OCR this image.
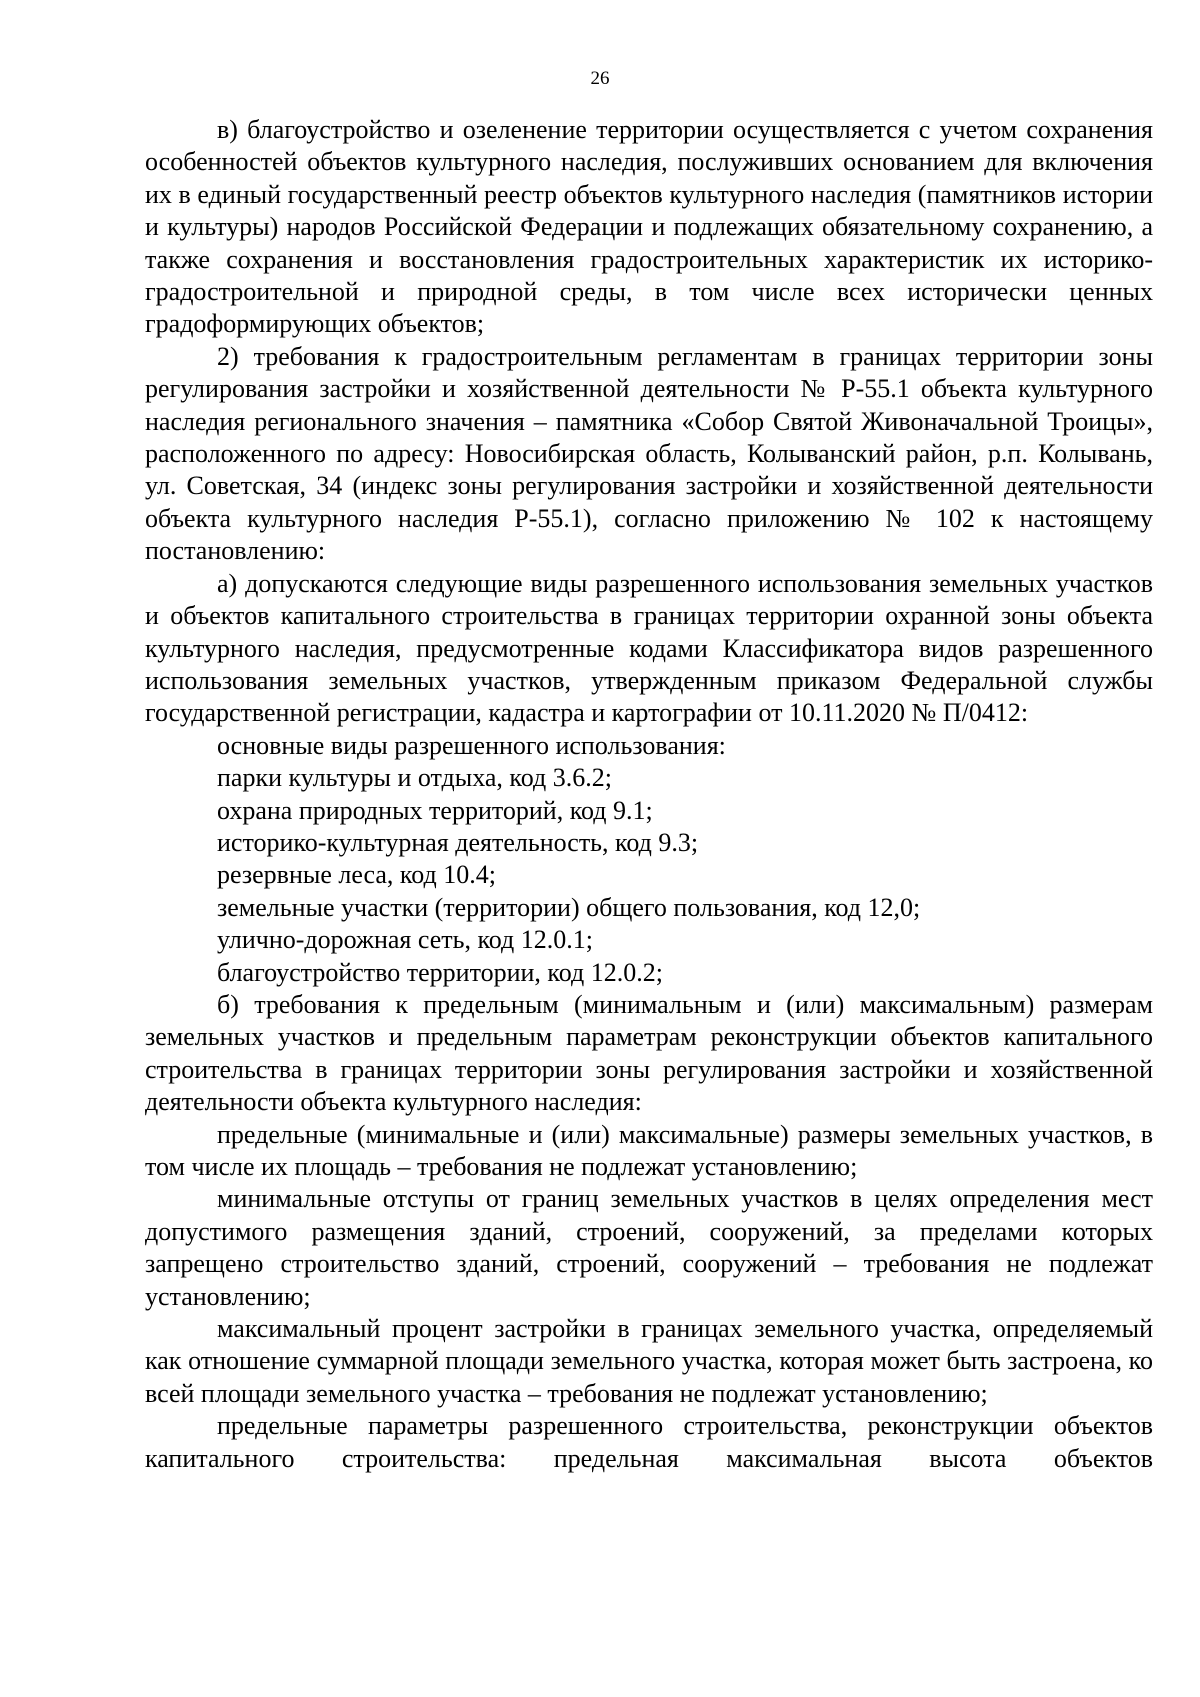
26

в) благоустройство и озеленение территории осуществляется с учетом сохранения особенностей объектов культурного наследия, послуживших основанием для включения их в единый государственный реестр объектов культурного наследия (памятников истории и культуры) народов Российской Федерации и подлежащих обязательному сохранению, а также сохранения и восстановления градостроительных характеристик их историко-градостроительной и природной среды, в том числе всех исторически ценных градоформирующих объектов;

2) требования к градостроительным регламентам в границах территории зоны регулирования застройки и хозяйственной деятельности № Р-55.1 объекта культурного наследия регионального значения – памятника «Собор Святой Живоначальной Троицы», расположенного по адресу: Новосибирская область, Колыванский район, р.п. Колывань, ул. Советская, 34 (индекс зоны регулирования застройки и хозяйственной деятельности объекта культурного наследия Р-55.1), согласно приложению № 102 к настоящему постановлению:

а) допускаются следующие виды разрешенного использования земельных участков и объектов капитального строительства в границах территории охранной зоны объекта культурного наследия, предусмотренные кодами Классификатора видов разрешенного использования земельных участков, утвержденным приказом Федеральной службы государственной регистрации, кадастра и картографии от 10.11.2020 № П/0412:

основные виды разрешенного использования:

парки культуры и отдыха, код 3.6.2;

охрана природных территорий, код 9.1;

историко-культурная деятельность, код 9.3;

резервные леса, код 10.4;

земельные участки (территории) общего пользования, код 12,0;

улично-дорожная сеть, код 12.0.1;

благоустройство территории, код 12.0.2;

б) требования к предельным (минимальным и (или) максимальным) размерам земельных участков и предельным параметрам реконструкции объектов капитального строительства в границах территории зоны регулирования застройки и хозяйственной деятельности объекта культурного наследия:

предельные (минимальные и (или) максимальные) размеры земельных участков, в том числе их площадь – требования не подлежат установлению;

минимальные отступы от границ земельных участков в целях определения мест допустимого размещения зданий, строений, сооружений, за пределами которых запрещено строительство зданий, строений, сооружений – требования не подлежат установлению;

максимальный процент застройки в границах земельного участка, определяемый как отношение суммарной площади земельного участка, которая может быть застроена, ко всей площади земельного участка – требования не подлежат установлению;

предельные параметры разрешенного строительства, реконструкции объектов капитального строительства: предельная максимальная высота объектов
